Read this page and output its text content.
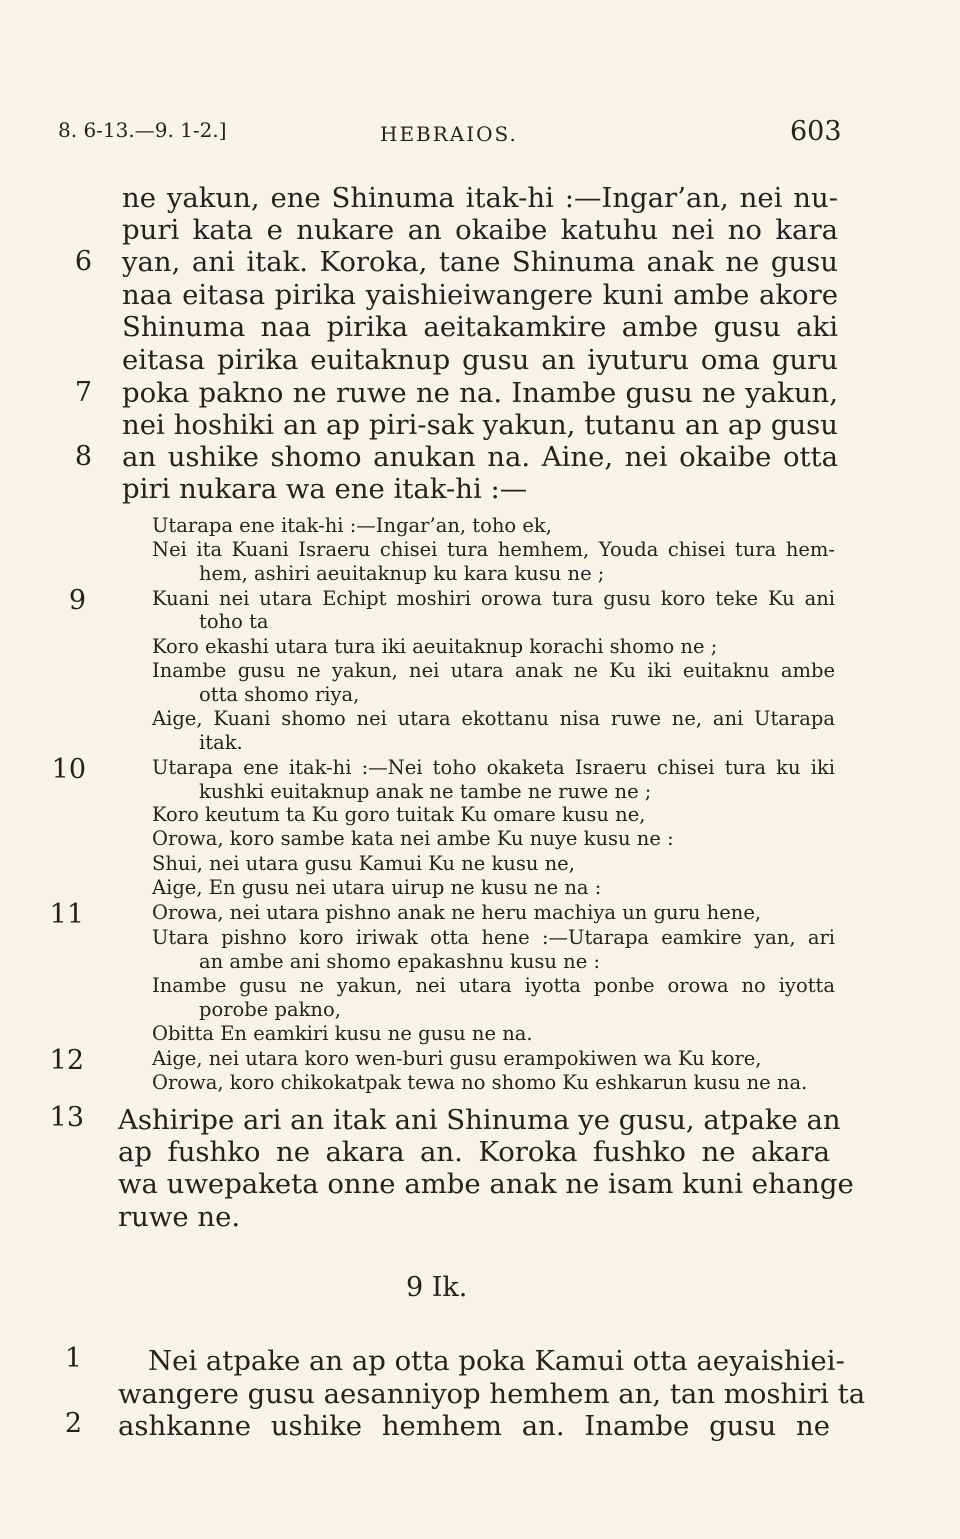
8. 6-13.—9. 1-2.]	HEBRAIOS.	603
ne yakun, ene Shinuma itak-hi :—Ingar’an, nei nu-
puri kata e nukare an okaibe katuhu nei no kara
yan, ani itak. Koroka, tane Shinuma anak ne gusu
naa eitasa pirika yaishieiwangere kuni ambe akore
Shinuma naa pirika aeitakamkire ambe gusu aki
eitasa pirika euitaknup gusu an iyuturu oma guru
poka pakno ne ruwe ne na. Inambe gusu ne yakun,
nei hoshiki an ap piri-sak yakun, tutanu an ap gusu
an ushike shomo anukan na. Aine, nei okaibe otta
piri nukara wa ene itak-hi :—
6
7
8
Utarapa ene itak-hi :—Ingar’an, toho ek,
Nei ita Kuani Israeru chisei tura hemhem, Youda chisei tura hem-
hem, ashiri aeuitaknup ku kara kusu ne ;
Kuani nei utara Echipt moshiri orowa tura gusu koro teke Ku ani
toho ta
Koro ekashi utara tura iki aeuitaknup korachi shomo ne ;
Inambe gusu ne yakun, nei utara anak ne Ku iki euitaknu ambe
otta shomo riya,
Aige, Kuani shomo nei utara ekottanu nisa ruwe ne, ani Utarapa
itak.
Utarapa ene itak-hi :—Nei toho okaketa Israeru chisei tura ku iki
kushki euitaknup anak ne tambe ne ruwe ne ;
Koro keutum ta Ku goro tuitak Ku omare kusu ne,
Orowa, koro sambe kata nei ambe Ku nuye kusu ne :
Shui, nei utara gusu Kamui Ku ne kusu ne,
Aige, En gusu nei utara uirup ne kusu ne na :
Orowa, nei utara pishno anak ne heru machiya un guru hene,
Utara pishno koro iriwak otta hene :—Utarapa eamkire yan, ari
an ambe ani shomo epakashnu kusu ne :
Inambe gusu ne yakun, nei utara iyotta ponbe orowa no iyotta
porobe pakno,
Obitta En eamkiri kusu ne gusu ne na.
Aige, nei utara koro wen-buri gusu erampokiwen wa Ku kore,
Orowa, koro chikokatpak tewa no shomo Ku eshkarun kusu ne na.
9
10
11
12
Ashiripe ari an itak ani Shinuma ye gusu, atpake an
ap fushko ne akara an. Koroka fushko ne akara
wa uwepaketa onne ambe anak ne isam kuni ehange
ruwe ne.
13
9 Ik.
Nei atpake an ap otta poka Kamui otta aeyaishiei-
wangere gusu aesanniyop hemhem an, tan moshiri ta
ashkanne ushike hemhem an. Inambe gusu ne
1
2
